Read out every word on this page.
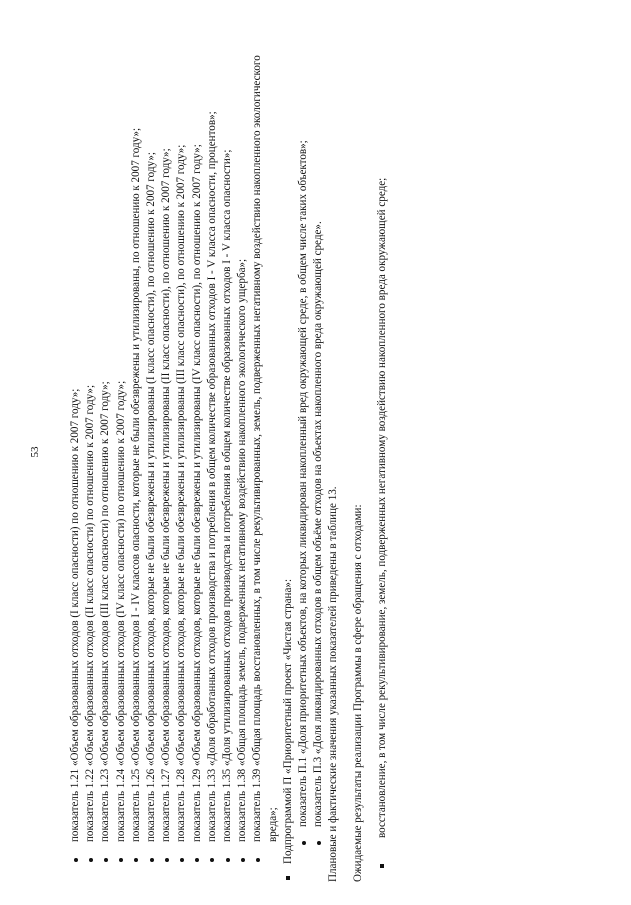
53	показатель 1.21 «Объем образованных отходов (I класс опасности) по отношению к 2007 году»; показатель 1.22 «Объем образованных отходов (II класс опасности) по отношению к 2007 году»; показатель 1.23 «Объем образованных отходов (III класс опасности) по отношению к 2007 году»; показатель 1.24 «Объем образованных отходов (IV класс опасности) по отношению к 2007 году»; показатель 1.25 «Объем образованных отходов I - IV классов опасности, которые не были обезврежены и утилизированы, по отношению к 2007 году»; показатель 1.26 «Объем образованных отходов, которые не были обезврежены и утилизированы (I класс опасности), по отношению к 2007 году»; показатель 1.27 «Объем образованных отходов, которые не были обезврежены и утилизированы (II класс опасности), по отношению к 2007 году»; показатель 1.28 «Объем образованных отходов, которые не были обезврежены и утилизированы (III класс опасности), по отношению к 2007 году»; показатель 1.29 «Объем образованных отходов, которые не были обезврежены и утилизированы (IV класс опасности), по отношению к 2007 году»; показатель 1.33 «Доля обработанных отходов производства и потребления в общем количестве образованных отходов I - V класса опасности, процентов»; показатель 1.35 «Доля утилизированных отходов производства и потребления в общем количестве образованных отходов I - V класса опасности»; показатель 1.38 «Общая площадь земель, подверженных негативному воздействию накопленного экологического ущерба»; показатель 1.39 «Общая площадь восстановленных, в том числе рекультивированных, земель, подверженных негативному воздействию накопленного экологического вреда»; Подпрограммой П «Приоритетный проект «Чистая страна»: показатель П.1 «Доля приоритетных объектов, на которых ликвидирован накопленный вред окружающей среде, в общем числе таких объектов»; показатель П.3 «Доля ликвидированных отходов в общем объёме отходов на объектах накопленного вреда окружающей среде». Плановые и фактические значения указанных показателей приведены в таблице 13. Ожидаемые результаты реализации Программы в сфере обращения с отходами: восстановление, в том числе рекультивирование, земель, подверженных негативному воздействию накопленного вреда окружающей среде;
